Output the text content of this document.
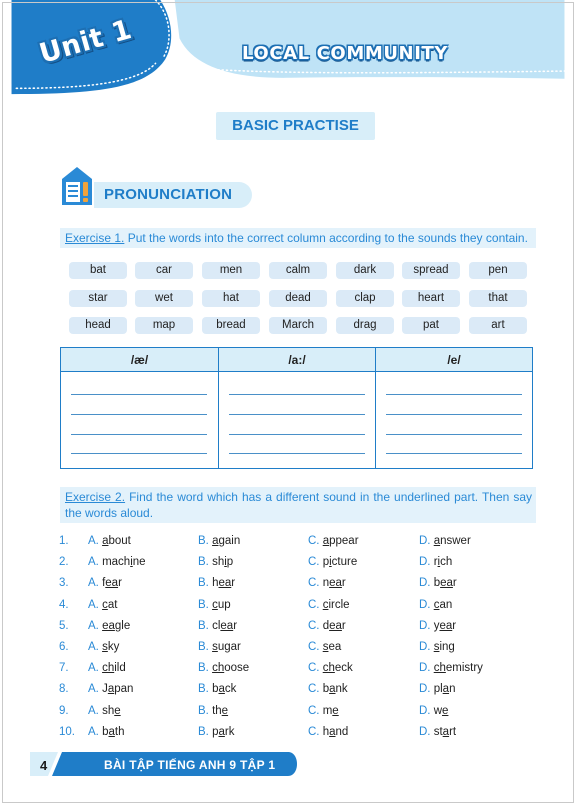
Unit 1	LOCAL COMMUNITY
BASIC PRACTISE
PRONUNCIATION
Exercise 1. Put the words into the correct column according to the sounds they contain.
bat	car	men	calm	dark	spread	pen
star	wet	hat	dead	clap	heart	that
head	map	bread	March	drag	pat	art
/æ/	/a:/	/e/
Exercise 2. Find the word which has a different sound in the underlined part. Then say the words aloud.
1. A. about	B. again	C. appear	D. answer
2. A. machine	B. ship	C. picture	D. rich
3. A. fear	B. hear	C. near	D. bear
4. A. cat	B. cup	C. circle	D. can
5. A. eagle	B. clear	C. dear	D. year
6. A. sky	B. sugar	C. sea	D. sing
7. A. child	B. choose	C. check	D. chemistry
8. A. Japan	B. back	C. bank	D. plan
9. A. she	B. the	C. me	D. we
10. A. bath	B. park	C. hand	D. start
4	BÀI TẬP TIẾNG ANH 9 TẬP 1
